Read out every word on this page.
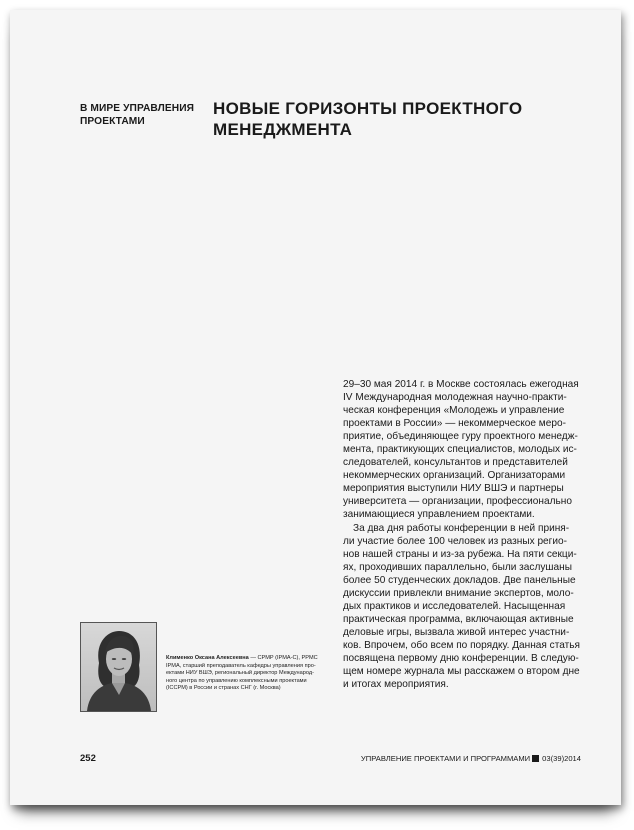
В МИРЕ УПРАВЛЕНИЯ
ПРОЕКТАМИ
НОВЫЕ ГОРИЗОНТЫ ПРОЕКТНОГО
МЕНЕДЖМЕНТА

29–30 мая 2014 г. в Москве состоялась ежегодная
IV Международная молодежная научно-практи-
ческая конференция «Молодежь и управление
проектами в России» — некоммерческое меро-
приятие, объединяющее гуру проектного менедж-
мента, практикующих специалистов, молодых ис-
следователей, консультантов и представителей
некоммерческих организаций. Организаторами
мероприятия выступили НИУ ВШЭ и партнеры
университета — организации, профессионально
занимающиеся управлением проектами.

За два дня работы конференции в ней приня-
ли участие более 100 человек из разных регио-
нов нашей страны и из-за рубежа. На пяти секци-
ях, проходивших параллельно, были заслушаны
более 50 студенческих докладов. Две панельные
дискуссии привлекли внимание экспертов, моло-
дых практиков и исследователей. Насыщенная
практическая программа, включающая активные
деловые игры, вызвала живой интерес участни-
ков. Впрочем, обо всем по порядку. Данная статья
посвящена первому дню конференции. В следую-
щем номере журнала мы расскажем о втором дне
и итогах мероприятия.

Клименко Оксана Алексеевна — CPMP (IPMA-C), PPMC
IPMA, старший преподаватель кафедры управления про-
ектами НИУ ВШЭ, региональный директор Международ-
ного центра по управлению комплексными проектами
(ICCPM) в России и странах СНГ (г. Москва)
252	УПРАВЛЕНИЕ ПРОЕКТАМИ И ПРОГРАММАМИ 03(39)2014
